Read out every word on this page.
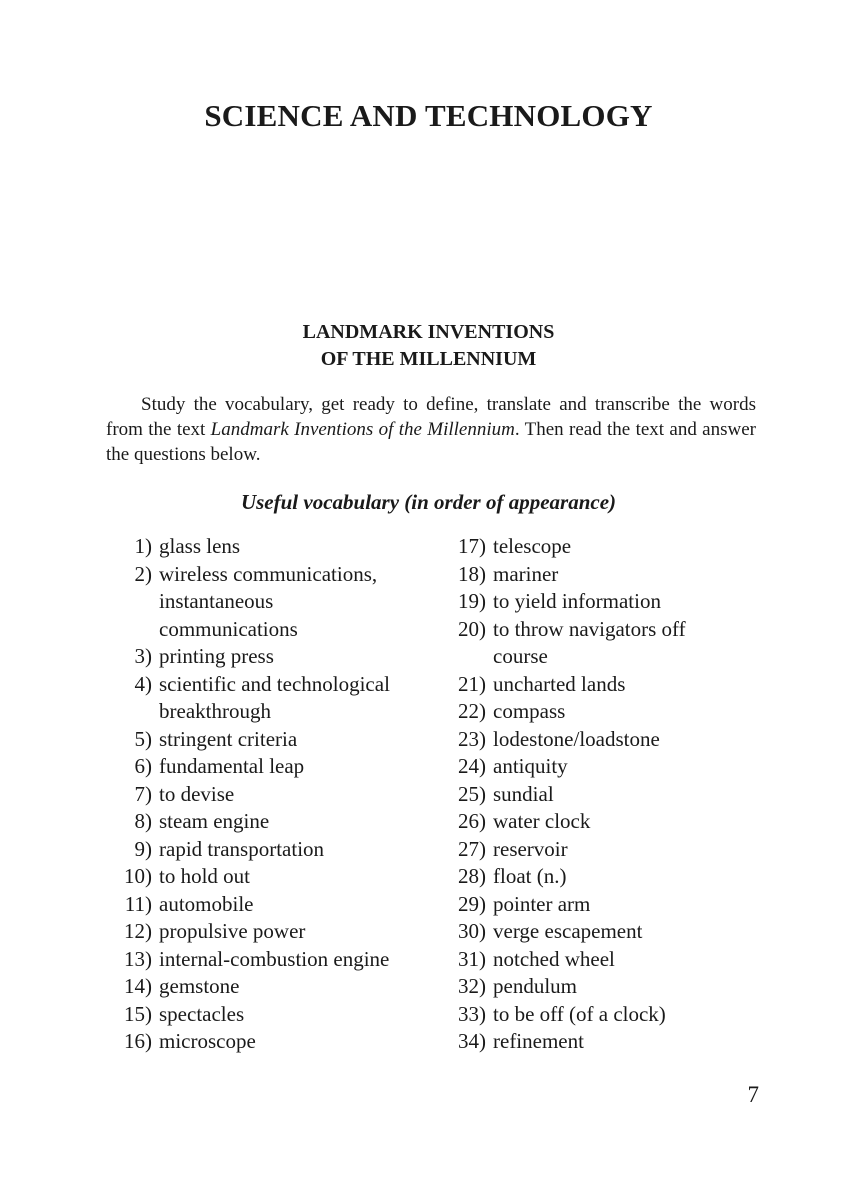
SCIENCE AND TECHNOLOGY
LANDMARK INVENTIONS
OF THE MILLENNIUM
Study the vocabulary, get ready to define, translate and transcribe the words from the text Landmark Inventions of the Millennium. Then read the text and answer the questions below.
Useful vocabulary (in order of appearance)
1) glass lens
2) wireless communications,
instantaneous
communications
3) printing press
4) scientific and technological
breakthrough
5) stringent criteria
6) fundamental leap
7) to devise
8) steam engine
9) rapid transportation
10) to hold out
11) automobile
12) propulsive power
13) internal-combustion engine
14) gemstone
15) spectacles
16) microscope
17) telescope
18) mariner
19) to yield information
20) to throw navigators off
course
21) uncharted lands
22) compass
23) lodestone/loadstone
24) antiquity
25) sundial
26) water clock
27) reservoir
28) float (n.)
29) pointer arm
30) verge escapement
31) notched wheel
32) pendulum
33) to be off (of a clock)
34) refinement
7
